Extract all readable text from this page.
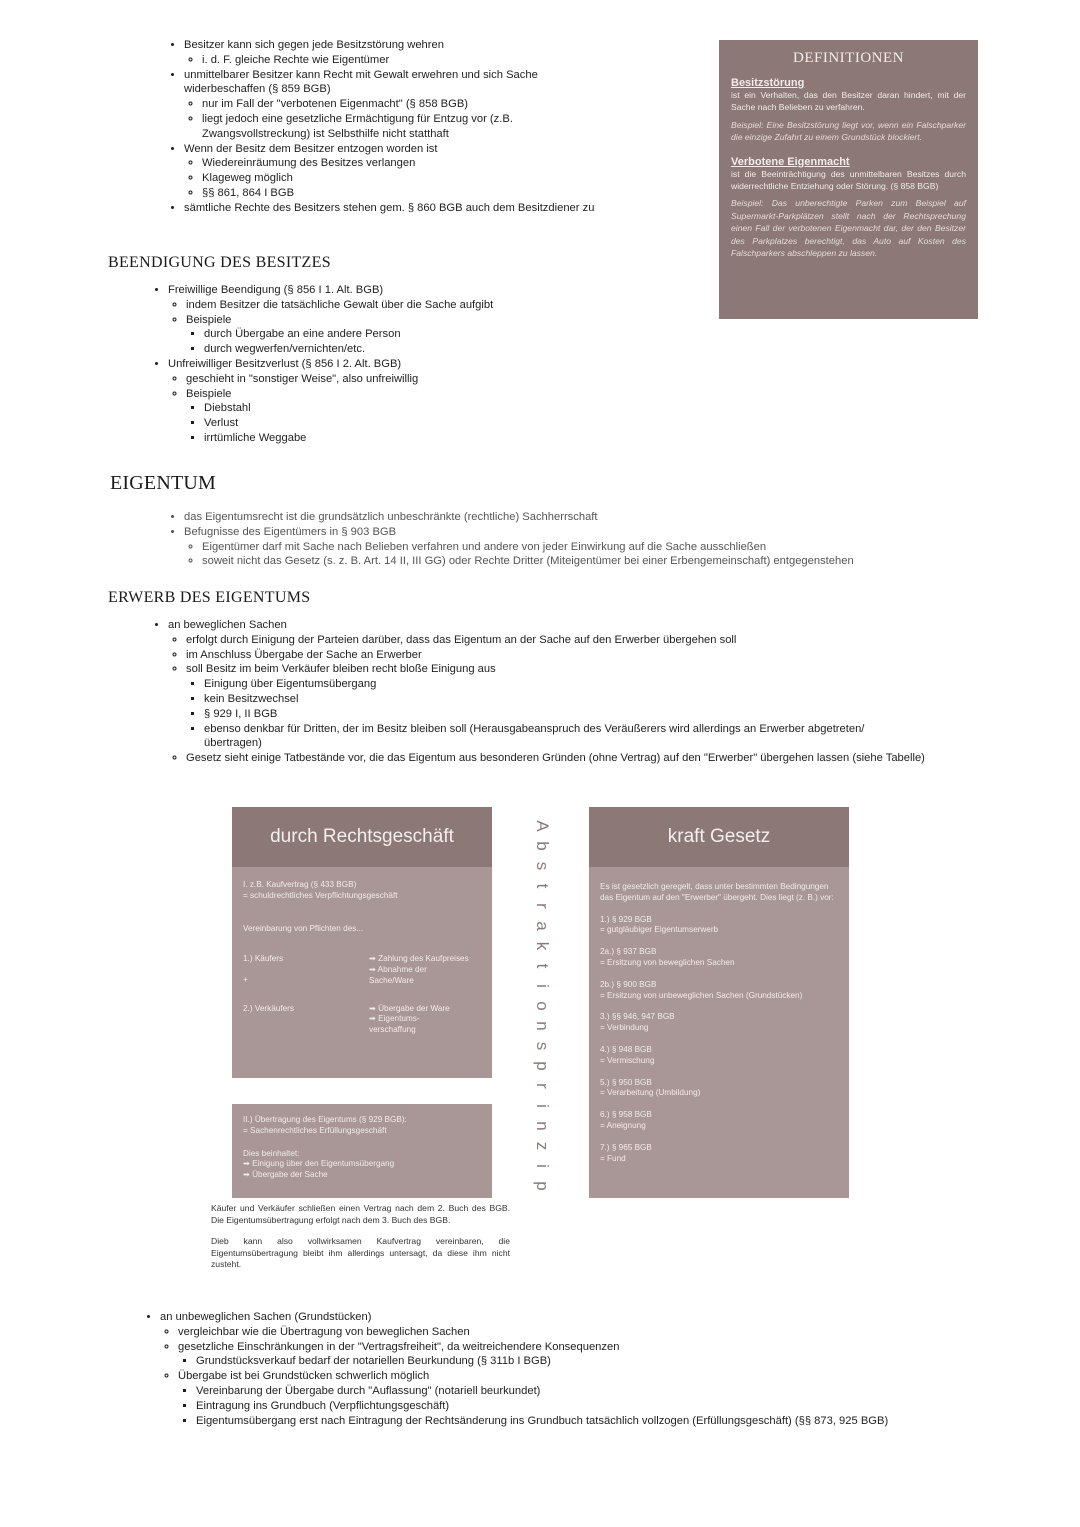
• Besitzer kann sich gegen jede Besitzstörung wehren
◦ i. d. F. gleiche Rechte wie Eigentümer
• unmittelbarer Besitzer kann Recht mit Gewalt erwehren und sich Sache widerbeschaffen (§ 859 BGB)
◦ nur im Fall der "verbotenen Eigenmacht" (§ 858 BGB)
◦ liegt jedoch eine gesetzliche Ermächtigung für Entzug vor (z.B. Zwangsvollstreckung) ist Selbsthilfe nicht statthaft
• Wenn der Besitz dem Besitzer entzogen worden ist
◦ Wiedereinräumung des Besitzes verlangen
◦ Klageweg möglich
◦ §§ 861, 864 I BGB
• sämtliche Rechte des Besitzers stehen gem. § 860 BGB auch dem Besitzdiener zu

DEFINITIONEN

Besitzstörung

ist ein Verhalten, das den Besitzer daran hindert, mit der Sache nach Belieben zu verfahren.

Beispiel: Eine Besitzstörung liegt vor, wenn ein Falschparker die einzige Zufahrt zu einem Grundstück blockiert.

Verbotene Eigenmacht

ist die Beeinträchtigung des unmittelbaren Besitzes durch widerrechtliche Entziehung oder Störung. (§ 858 BGB)

Beispiel: Das unberechtigte Parken zum Beispiel auf Supermarkt-Parkplätzen stellt nach der Rechtsprechung einen Fall der verbotenen Eigenmacht dar, der den Besitzer des Parkplatzes berechtigt, das Auto auf Kosten des Falschparkers abschleppen zu lassen.

BEENDIGUNG DES BESITZES
• Freiwillige Beendigung (§ 856 I 1. Alt. BGB)
◦ indem Besitzer die tatsächliche Gewalt über die Sache aufgibt
◦ Beispiele
▪ durch Übergabe an eine andere Person
▪ durch wegwerfen/vernichten/etc.
• Unfreiwilliger Besitzverlust (§ 856 I 2. Alt. BGB)
◦ geschieht in "sonstiger Weise", also unfreiwillig
◦ Beispiele
▪ Diebstahl
▪ Verlust
▪ irrtümliche Weggabe
EIGENTUM
• das Eigentumsrecht ist die grundsätzlich unbeschränkte (rechtliche) Sachherrschaft
• Befugnisse des Eigentümers in § 903 BGB
◦ Eigentümer darf mit Sache nach Belieben verfahren und andere von jeder Einwirkung auf die Sache ausschließen
◦ soweit nicht das Gesetz (s. z. B. Art. 14 II, III GG) oder Rechte Dritter (Miteigentümer bei einer Erbengemeinschaft) entgegenstehen
ERWERB DES EIGENTUMS
• an beweglichen Sachen
◦ erfolgt durch Einigung der Parteien darüber, dass das Eigentum an der Sache auf den Erwerber übergehen soll
◦ im Anschluss Übergabe der Sache an Erwerber
◦ soll Besitz im beim Verkäufer bleiben recht bloße Einigung aus
▪ Einigung über Eigentumsübergang
▪ kein Besitzwechsel
▪ § 929 I, II BGB
▪ ebenso denkbar für Dritten, der im Besitz bleiben soll (Herausgabeanspruch des Veräußerers wird allerdings an Erwerber abgetreten/übertragen)
◦ Gesetz sieht einige Tatbestände vor, die das Eigentum aus besonderen Gründen (ohne Vertrag) auf den "Erwerber" übergehen lassen (siehe Tabelle)
durch Rechtsgeschäft

I. z.B. Kaufvertrag (§ 433 BGB)

= schuldrechtliches Verpflichtungsgeschäft

Vereinbarung von Pflichten des...

1.) Käufers	➡ Zahlung des Kaufpreises

➡ Abnahme der Sache/Ware

+

2.) Verkäufers	➡ Übergabe der Ware

➡ Eigentums-verschaffung

II.) Übertragung des Eigentums (§ 929 BGB):

= Sachenrechtliches Erfüllungsgeschäft

Dies beinhaltet:

➡ Einigung über den Eigentumsübergang

➡ Übergabe der Sache

Käufer und Verkäufer schließen einen Vertrag nach dem 2. Buch des BGB. Die Eigentumsübertragung erfolgt nach dem 3. Buch des BGB.

Dieb kann also vollwirksamen Kaufvertrag vereinbaren, die Eigentumsübertragung bleibt ihm allerdings untersagt, da diese ihm nicht zusteht.

A
b
s
t
r
a
k
t
i
o
n
s
p
r
i
n
z
i
p
kraft Gesetz

Es ist gesetzlich geregelt, dass unter bestimmten Bedingungen das Eigentum auf den "Erwerber" übergeht. Dies liegt (z. B.) vor:

1.) § 929 BGB

= gutgläubiger Eigentumserwerb

2a.) § 937 BGB

= Ersitzung von beweglichen Sachen

2b.) § 900 BGB

= Ersitzung von unbeweglichen Sachen (Grundstücken)

3.) §§ 946, 947 BGB

= Verbindung

4.) § 948 BGB

= Vermischung

5.) § 950 BGB

= Verarbeitung (Umbildung)

6.) § 958 BGB

= Aneignung

7.) § 965 BGB

= Fund

• an unbeweglichen Sachen (Grundstücken)
◦ vergleichbar wie die Übertragung von beweglichen Sachen
◦ gesetzliche Einschränkungen in der "Vertragsfreiheit", da weitreichendere Konsequenzen
▪ Grundstücksverkauf bedarf der notariellen Beurkundung (§ 311b I BGB)
◦ Übergabe ist bei Grundstücken schwerlich möglich
▪ Vereinbarung der Übergabe durch "Auflassung" (notariell beurkundet)
▪ Eintragung ins Grundbuch (Verpflichtungsgeschäft)
▪ Eigentumsübergang erst nach Eintragung der Rechtsänderung ins Grundbuch tatsächlich vollzogen (Erfüllungsgeschäft) (§§ 873, 925 BGB)
